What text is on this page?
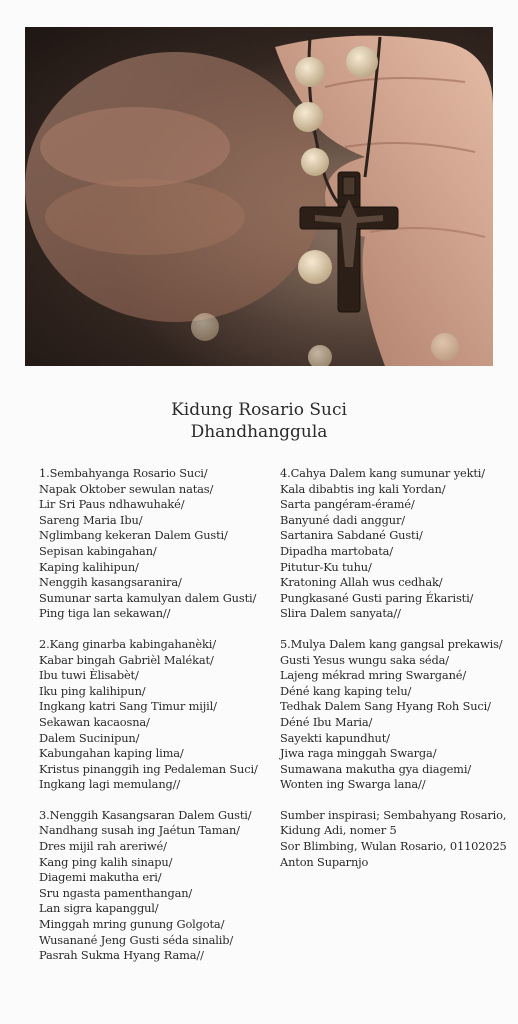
Kidung Rosario Suci
Dhandhanggula
1.Sembahyanga Rosario Suci/
Napak Oktober sewulan natas/
Lir Sri Paus ndhawuhaké/
Sareng Maria Ibu/
Nglimbang kekeran Dalem Gusti/
Sepisan kabingahan/
Kaping kalihipun/
Nenggih kasangsaranira/
Sumunar sarta kamulyan dalem Gusti/
Ping tiga lan sekawan//
2.Kang ginarba kabingahanèki/
Kabar bingah Gabrièl Malékat/
Ibu tuwi Èlisabèt/
Iku ping kalihipun/
Ingkang katri Sang Timur mijil/
Sekawan kacaosna/
Dalem Sucinipun/
Kabungahan kaping lima/
Kristus pinanggih ing Pedaleman Suci/
Ingkang lagi memulang//
3.Nenggih Kasangsaran Dalem Gusti/
Nandhang susah ing Jaétun Taman/
Dres mijil rah areriwé/
Kang ping kalih sinapu/
Diagemi makutha eri/
Sru ngasta pamenthangan/
Lan sigra kapanggul/
Minggah mring gunung Golgota/
Wusanané Jeng Gusti séda sinalib/
Pasrah Sukma Hyang Rama//
4.Cahya Dalem kang sumunar yekti/
Kala dibabtis ing kali Yordan/
Sarta pangéram-éramé/
Banyuné dadi anggur/
Sartanira Sabdané Gusti/
Dipadha martobata/
Pitutur-Ku tuhu/
Kratoning Allah wus cedhak/
Pungkasané Gusti paring Ékaristi/
Slira Dalem sanyata//
5.Mulya Dalem kang gangsal prekawis/
Gusti Yesus wungu saka séda/
Lajeng mékrad mring Swargané/
Déné kang kaping telu/
Tedhak Dalem Sang Hyang Roh Suci/
Déné Ibu Maria/
Sayekti kapundhut/
Jiwa raga minggah Swarga/
Sumawana makutha gya diagemi/
Wonten ing Swarga lana//
Sumber inspirasi; Sembahyang Rosario,
Kidung Adi, nomer 5
Sor Blimbing, Wulan Rosario, 01102025
Anton Suparnjo
